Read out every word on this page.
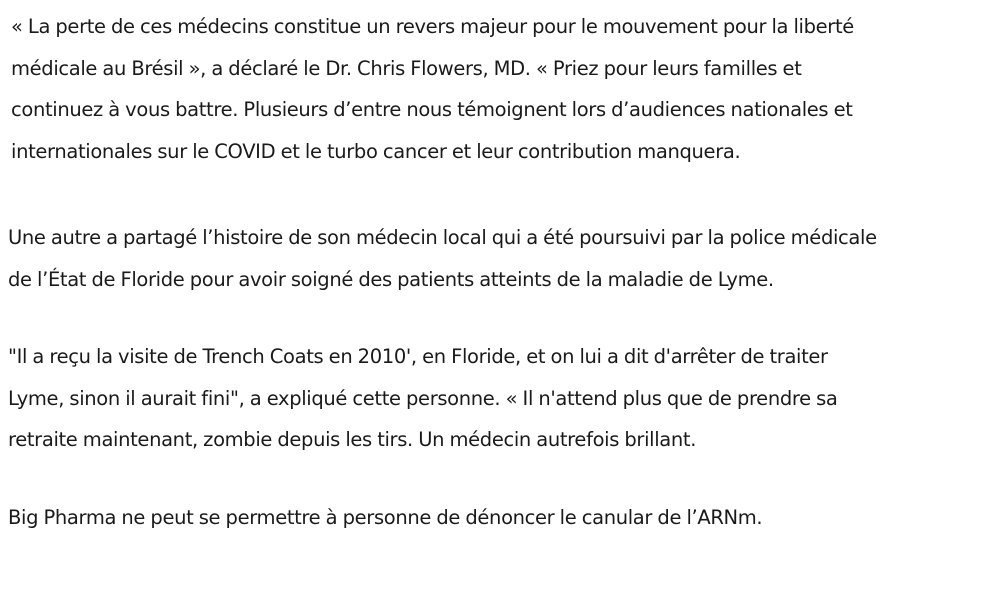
« La perte de ces médecins constitue un revers majeur pour le mouvement pour la liberté
médicale au Brésil », a déclaré le Dr. Chris Flowers, MD. « Priez pour leurs familles et
continuez à vous battre. Plusieurs d’entre nous témoignent lors d’audiences nationales et
internationales sur le COVID et le turbo cancer et leur contribution manquera.

Une autre a partagé l’histoire de son médecin local qui a été poursuivi par la police médicale
de l’État de Floride pour avoir soigné des patients atteints de la maladie de Lyme.

"Il a reçu la visite de Trench Coats en 2010', en Floride, et on lui a dit d'arrêter de traiter
Lyme, sinon il aurait fini", a expliqué cette personne. « Il n'attend plus que de prendre sa
retraite maintenant, zombie depuis les tirs. Un médecin autrefois brillant.

Big Pharma ne peut se permettre à personne de dénoncer le canular de l’ARNm.
